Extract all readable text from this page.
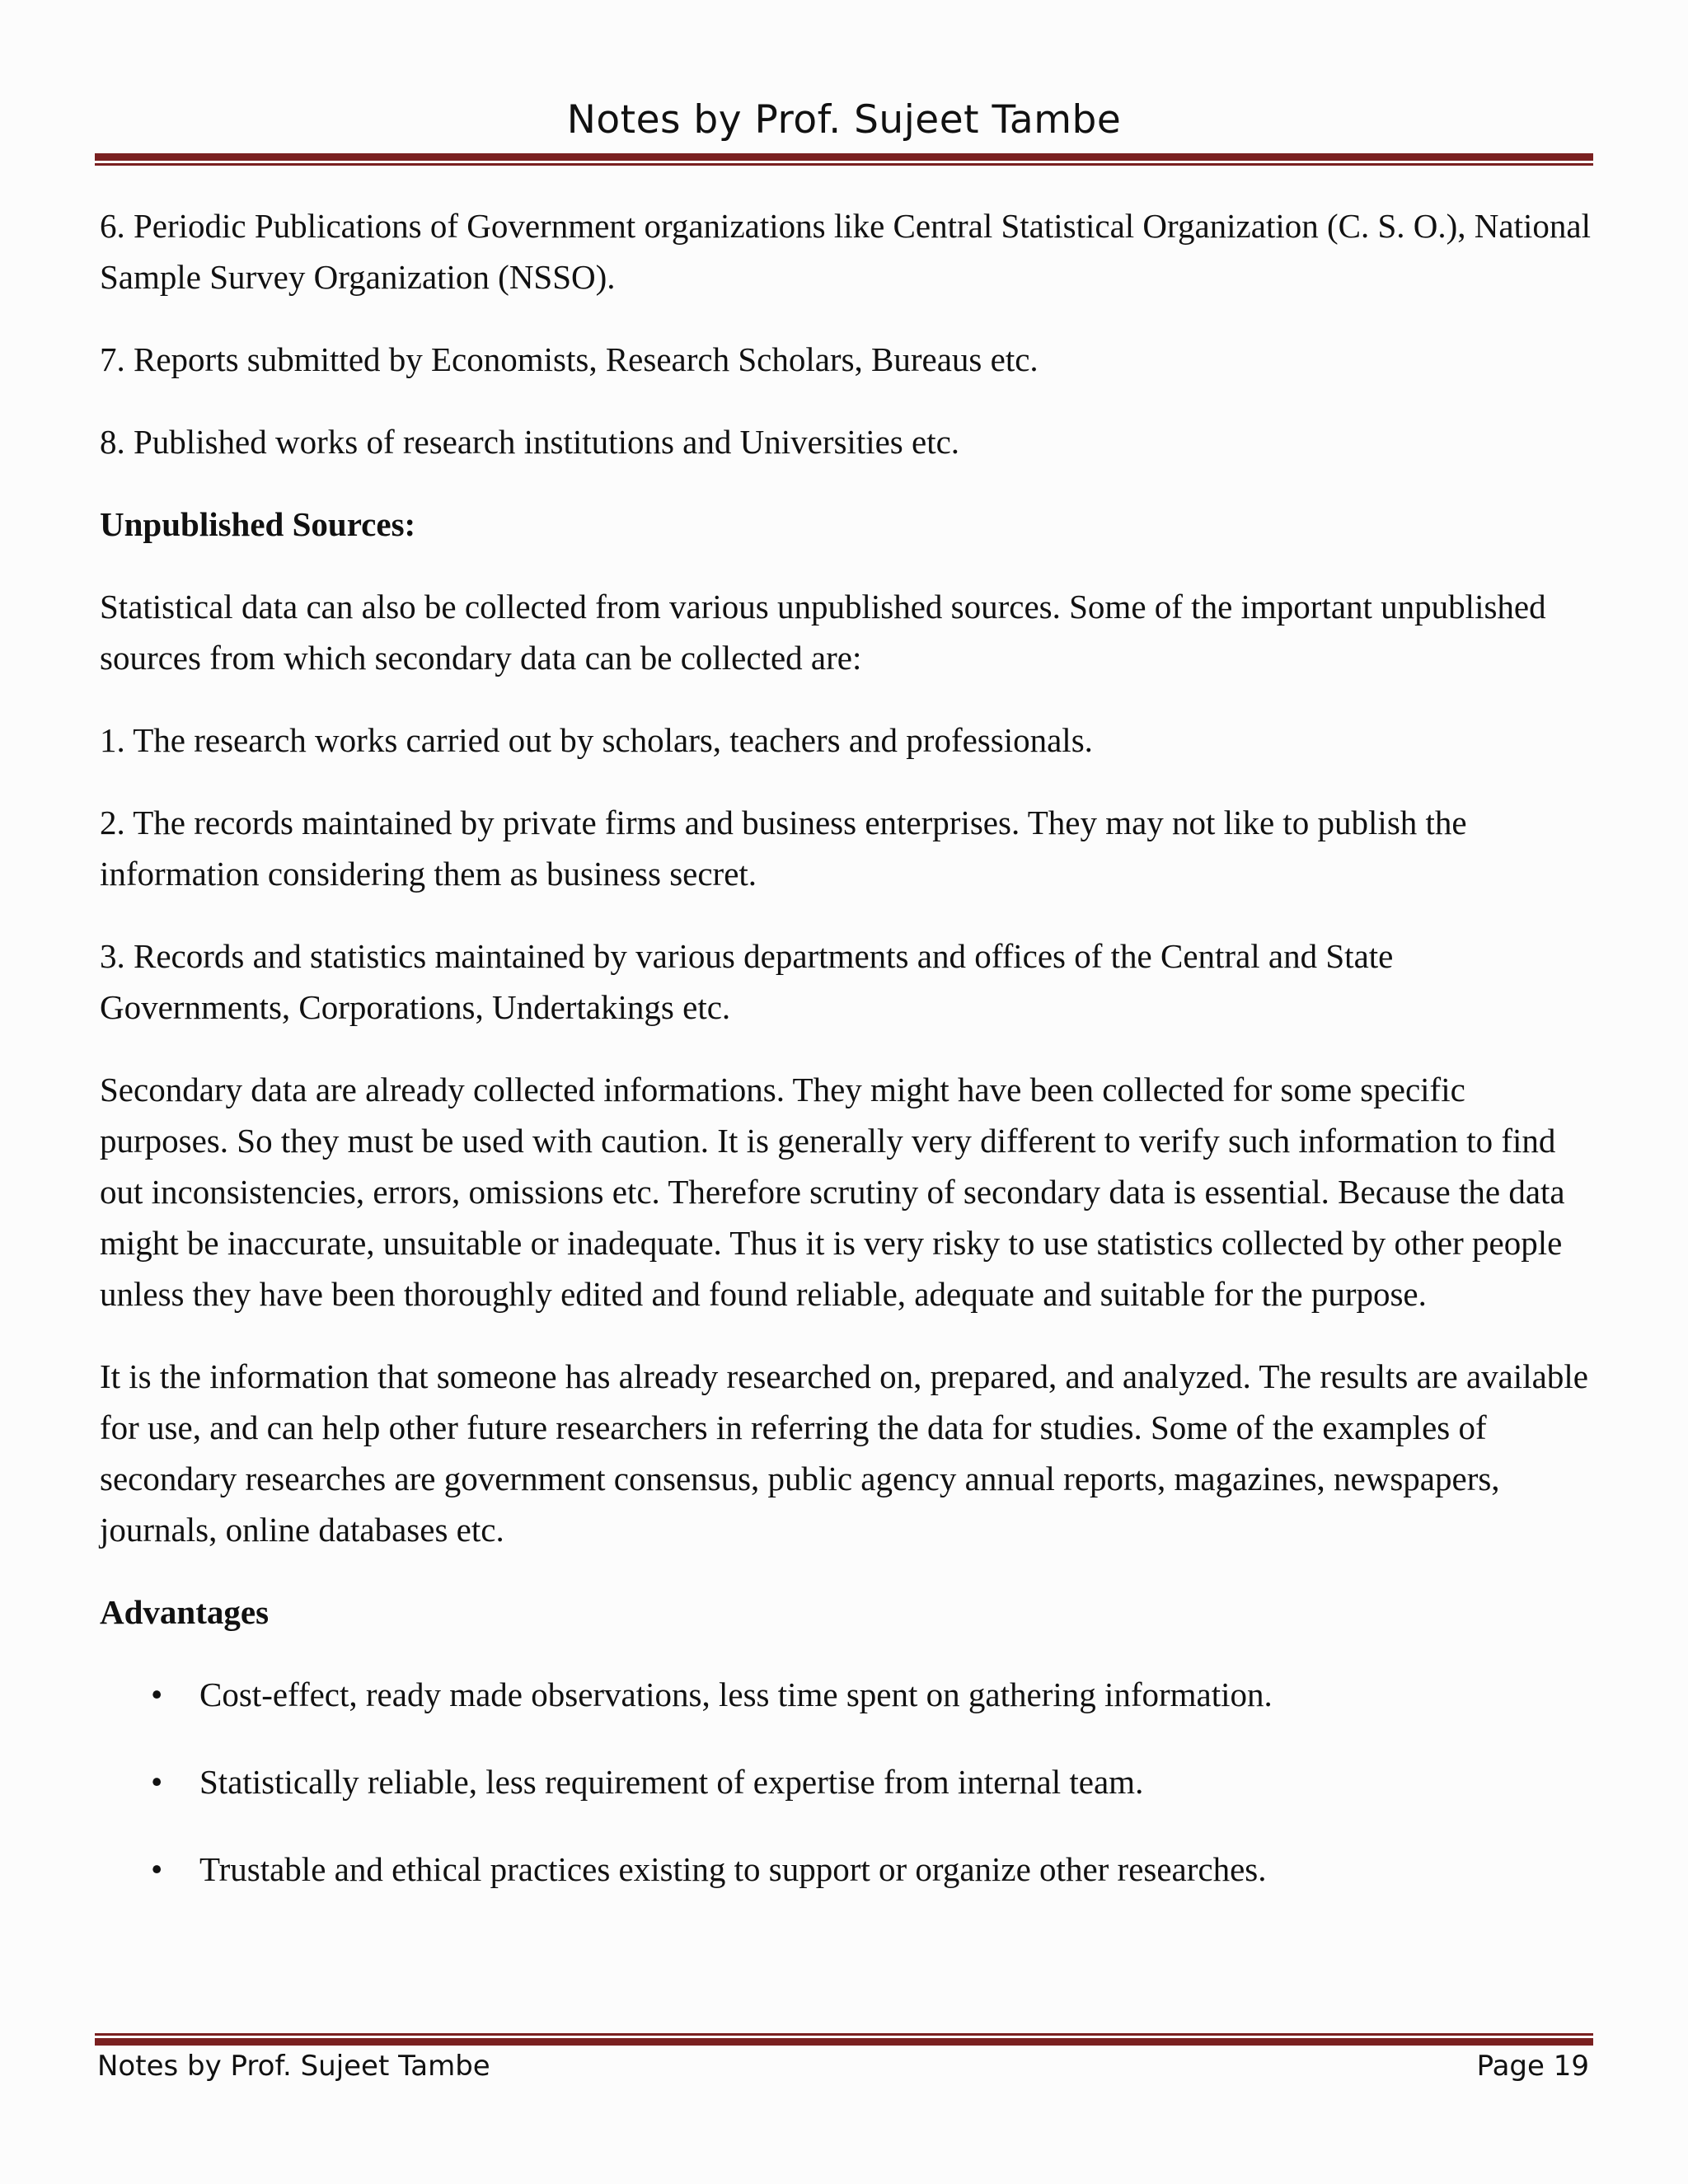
Notes by Prof. Sujeet Tambe

6. Periodic Publications of Government organizations like Central Statistical Organization (C. S. O.), National Sample Survey Organization (NSSO).

7. Reports submitted by Economists, Research Scholars, Bureaus etc.

8. Published works of research institutions and Universities etc.

Unpublished Sources:

Statistical data can also be collected from various unpublished sources. Some of the important unpublished sources from which secondary data can be collected are:

1. The research works carried out by scholars, teachers and professionals.

2. The records maintained by private firms and business enterprises. They may not like to publish the information considering them as business secret.

3. Records and statistics maintained by various departments and offices of the Central and State Governments, Corporations, Undertakings etc.

Secondary data are already collected informations. They might have been collected for some specific purposes. So they must be used with caution. It is generally very different to verify such information to find out inconsistencies, errors, omissions etc. Therefore scrutiny of secondary data is essential. Because the data might be inaccurate, unsuitable or inadequate. Thus it is very risky to use statistics collected by other people unless they have been thoroughly edited and found reliable, adequate and suitable for the purpose.

It is the information that someone has already researched on, prepared, and analyzed. The results are available for use, and can help other future researchers in referring the data for studies. Some of the examples of secondary researches are government consensus, public agency annual reports, magazines, newspapers, journals, online databases etc.

Advantages

• Cost-effect, ready made observations, less time spent on gathering information.
• Statistically reliable, less requirement of expertise from internal team.
• Trustable and ethical practices existing to support or organize other researches.
Notes by Prof. Sujeet Tambe	Page 19
